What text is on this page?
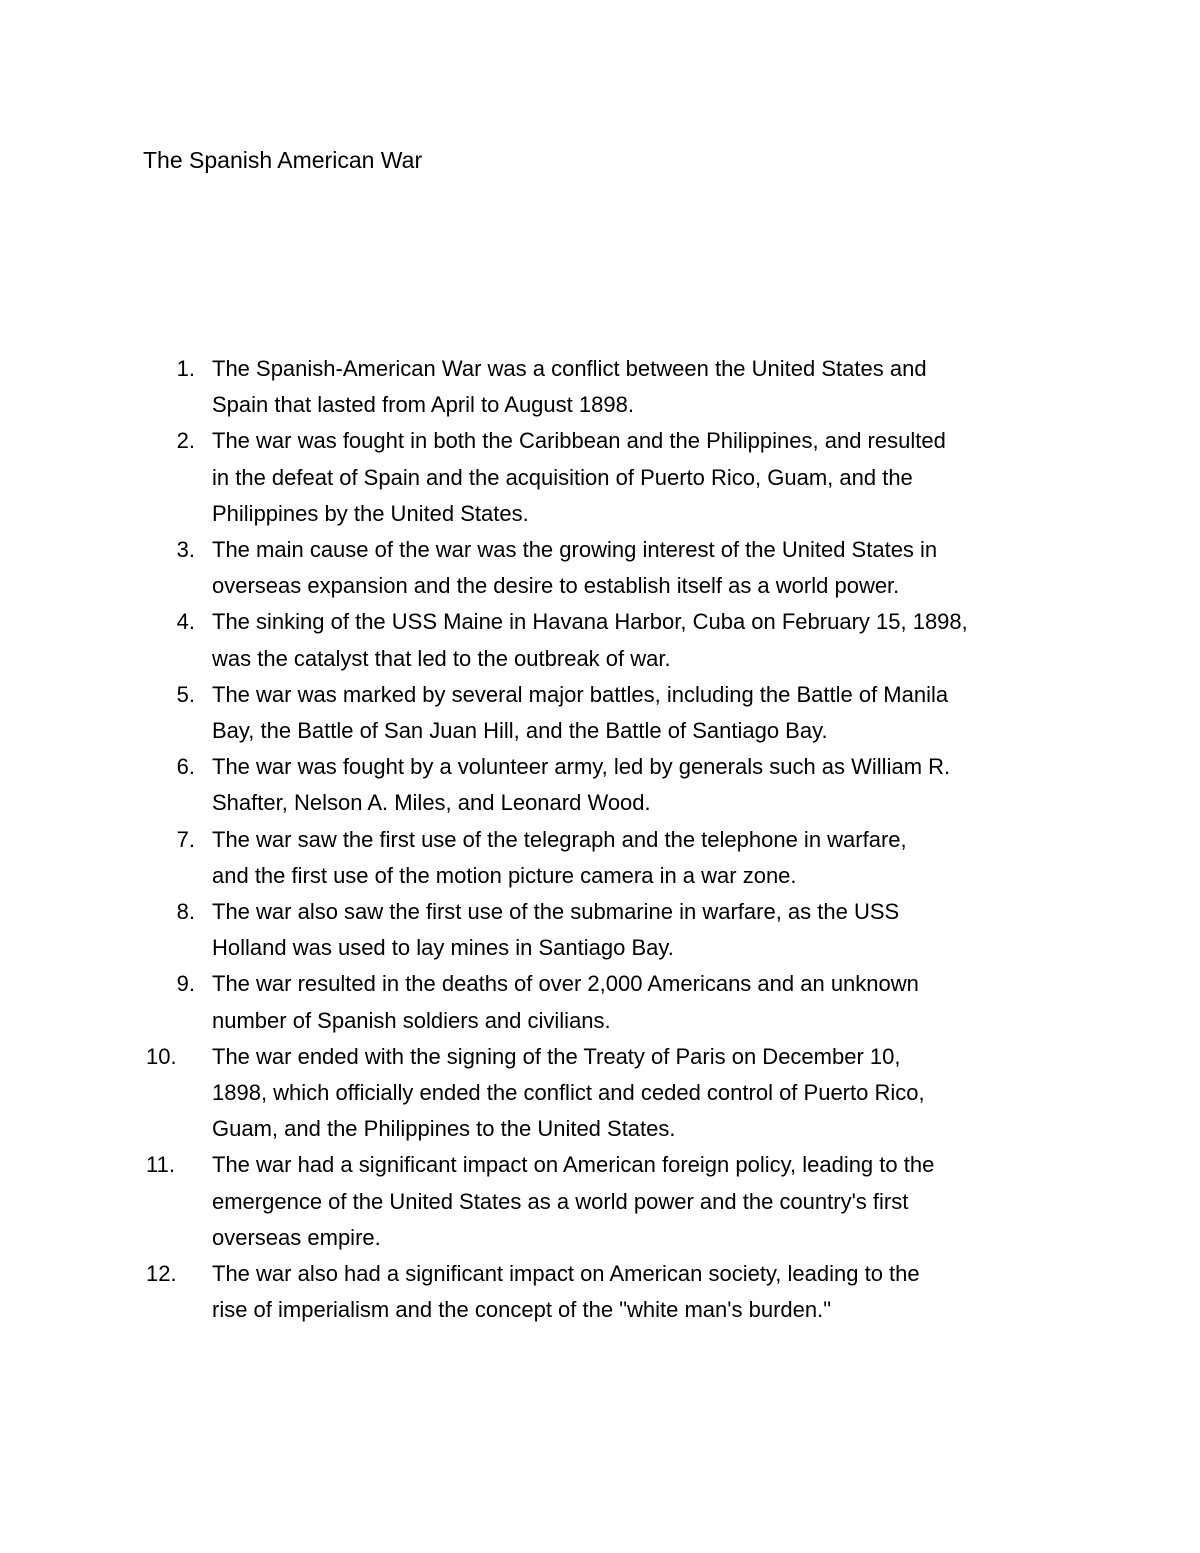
The Spanish American War
1. The Spanish-American War was a conflict between the United States and
Spain that lasted from April to August 1898.
2. The war was fought in both the Caribbean and the Philippines, and resulted
in the defeat of Spain and the acquisition of Puerto Rico, Guam, and the
Philippines by the United States.
3. The main cause of the war was the growing interest of the United States in
overseas expansion and the desire to establish itself as a world power.
4. The sinking of the USS Maine in Havana Harbor, Cuba on February 15, 1898,
was the catalyst that led to the outbreak of war.
5. The war was marked by several major battles, including the Battle of Manila
Bay, the Battle of San Juan Hill, and the Battle of Santiago Bay.
6. The war was fought by a volunteer army, led by generals such as William R.
Shafter, Nelson A. Miles, and Leonard Wood.
7. The war saw the first use of the telegraph and the telephone in warfare,
and the first use of the motion picture camera in a war zone.
8. The war also saw the first use of the submarine in warfare, as the USS
Holland was used to lay mines in Santiago Bay.
9. The war resulted in the deaths of over 2,000 Americans and an unknown
number of Spanish soldiers and civilians.
10.	The war ended with the signing of the Treaty of Paris on December 10,
1898, which officially ended the conflict and ceded control of Puerto Rico,
Guam, and the Philippines to the United States.
11.	The war had a significant impact on American foreign policy, leading to the
emergence of the United States as a world power and the country's first
overseas empire.
12.	The war also had a significant impact on American society, leading to the
rise of imperialism and the concept of the "white man's burden."
